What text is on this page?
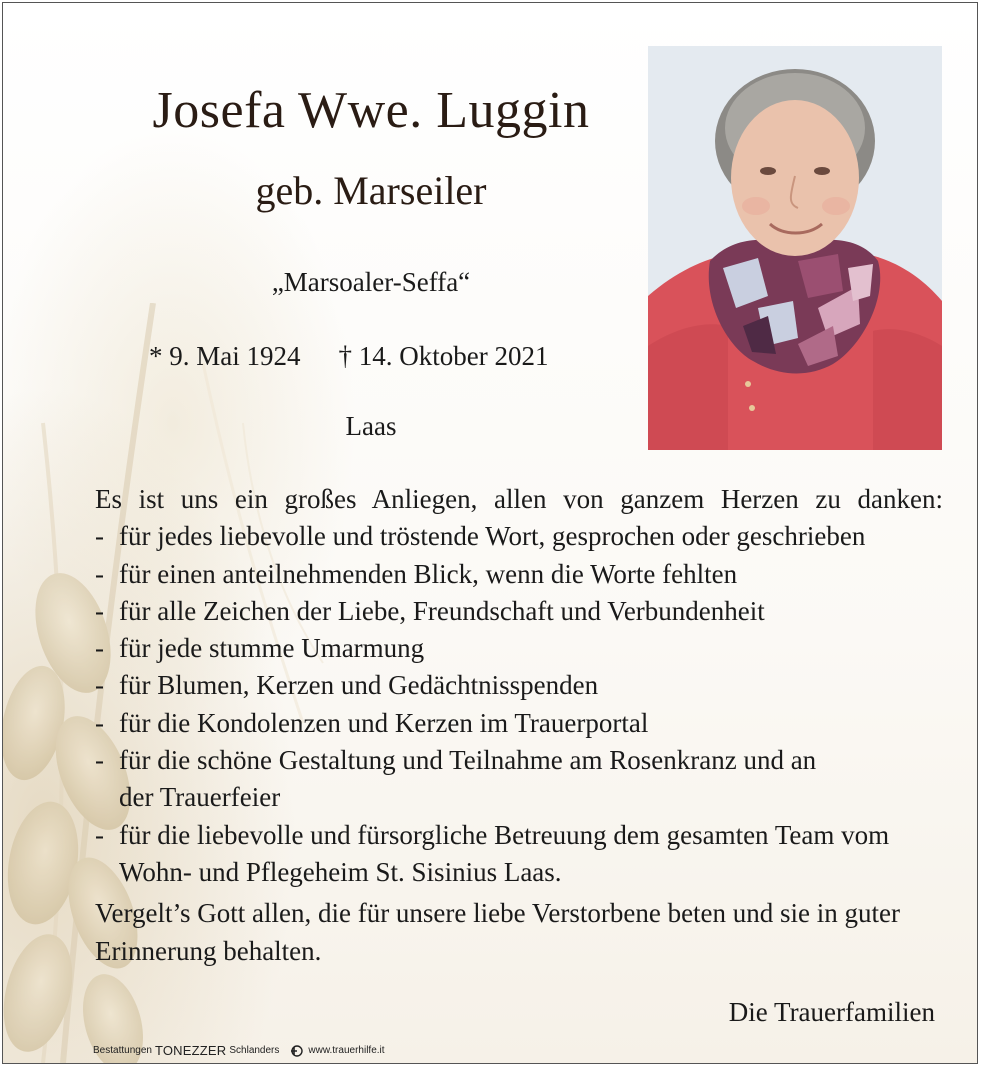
Josefa Wwe. Luggin
geb. Marseiler
„Marsoaler-Seffa“
* 9. Mai 1924 † 14. Oktober 2021
Laas

Es ist uns ein großes Anliegen, allen von ganzem Herzen zu danken:

- für jedes liebevolle und tröstende Wort, gesprochen oder geschrieben
- für einen anteilnehmenden Blick, wenn die Worte fehlten
- für alle Zeichen der Liebe, Freundschaft und Verbundenheit
- für jede stumme Umarmung
- für Blumen, Kerzen und Gedächtnisspenden
- für die Kondolenzen und Kerzen im Trauerportal
- für die schöne Gestaltung und Teilnahme am Rosenkranz und an der Trauerfeier
- für die liebevolle und fürsorgliche Betreuung dem gesamten Team vom Wohn- und Pflegeheim St. Sisinius Laas.

Vergelt’s Gott allen, die für unsere liebe Verstorbene beten und sie in guter Erinnerung behalten.

Die Trauerfamilien
Bestattungen TONEZZER Schlanders	www.trauerhilfe.it
